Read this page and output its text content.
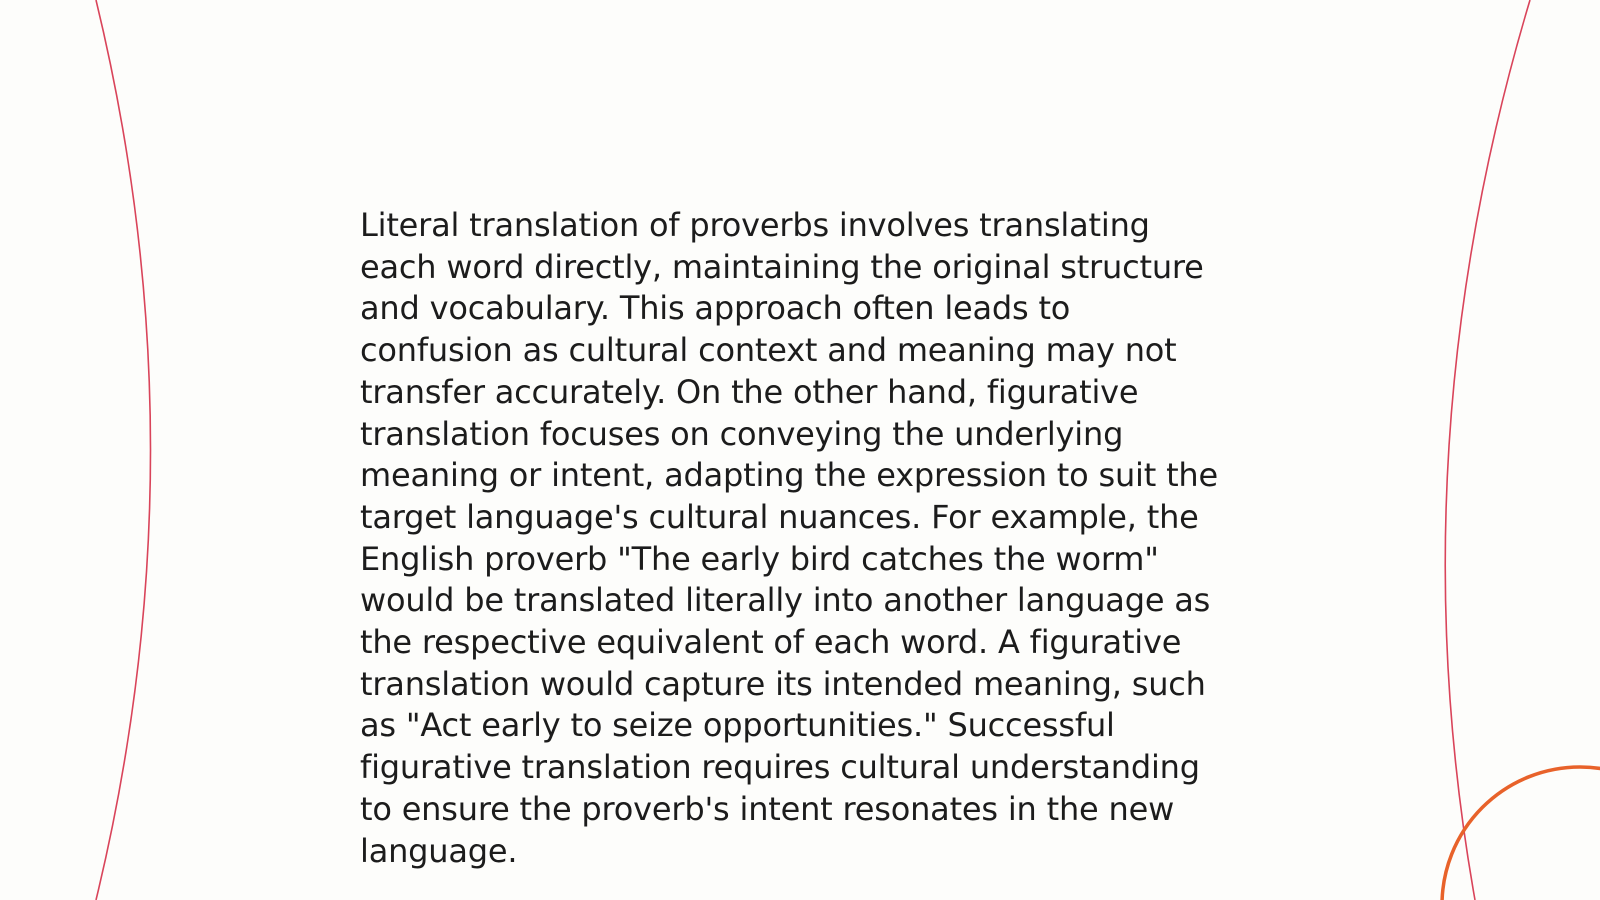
Literal translation of proverbs involves translating
each word directly, maintaining the original structure
and vocabulary. This approach often leads to
confusion as cultural context and meaning may not
transfer accurately. On the other hand, figurative
translation focuses on conveying the underlying
meaning or intent, adapting the expression to suit the
target language's cultural nuances. For example, the
English proverb "The early bird catches the worm"
would be translated literally into another language as
the respective equivalent of each word. A figurative
translation would capture its intended meaning, such
as "Act early to seize opportunities." Successful
figurative translation requires cultural understanding
to ensure the proverb's intent resonates in the new
language.
